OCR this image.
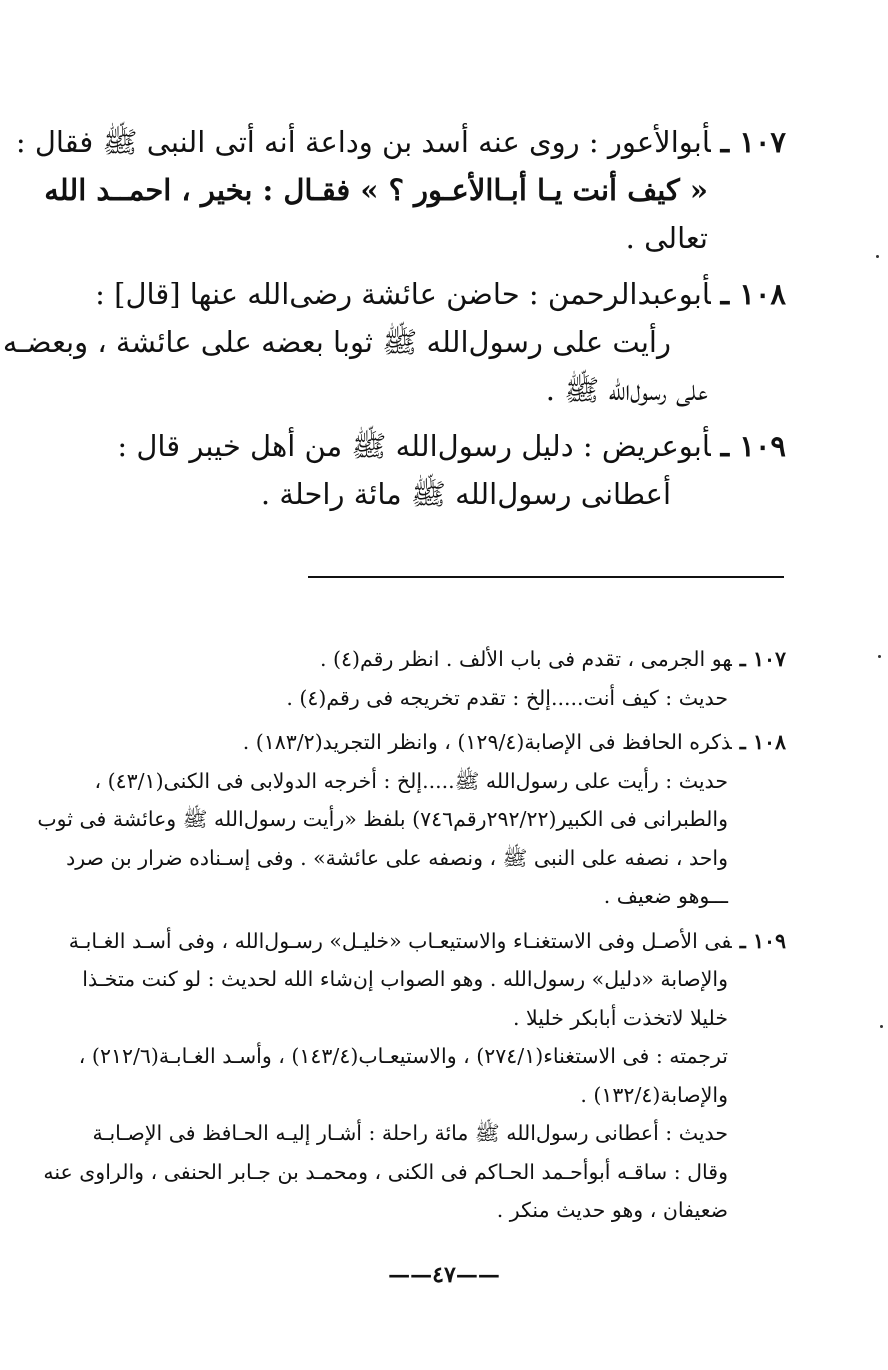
١٠٧ ـأبوالأعور : روى عنه أسد بن وداعة أنه أتى النبى ﷺ فقال :
« كيف أنت يـا أبـاالأعـور ؟ » فقـال : بخير ، احمــد الله
تعالى .
١٠٨ ـأبوعبدالرحمن : حاضن عائشة رضى‌الله عنها [قال] :
رأيت على رسول‌الله ﷺ ثوبا بعضه على عائشة ، وبعضـه
على رسول‌الله ﷺ .
١٠٩ ـأبوعريض : دليل رسول‌الله ﷺ من أهل خيبر قال :
أعطانى رسول‌الله ﷺ مائة راحلة .
١٠٧ ـهو الجرمى ، تقدم فى باب الألف . انظر رقم(٤) .
حديث : كيف أنت.....إلخ : تقدم تخريجه فى رقم(٤) .
١٠٨ ـذكره الحافظ فى الإصابة(١٢٩/٤) ، وانظر التجريد(١٨٣/٢) .
حديث : رأيت على رسول‌الله ﷺ.....إلخ : أخرجه الدولابى فى الكنى(٤٣/١) ،
والطبرانى فى الكبير(٢٩٢/٢٢رقم٧٤٦) بلفظ «رأيت رسول‌الله ﷺ وعائشة فى ثوب
واحد ، نصفه على النبى ﷺ ، ونصفه على عائشة» . وفى إسـناده ضرار بن صرد
ـــوهو ضعيف .
١٠٩ ـفى الأصـل وفى الاستغنـاء والاستيعـاب «خليـل» رسـول‌الله ، وفى أسـد الغـابـة
والإصابة «دليل» رسول‌الله . وهو الصواب إن‌شاء الله لحديث : لو كنت متخـذا
خليلا لاتخذت أبابكر خليلا .
ترجمته : فى الاستغناء(٢٧٤/١) ، والاستيعـاب(١٤٣/٤) ، وأسـد الغـابـة(٢١٢/٦) ،
والإصابة(١٣٢/٤) .
حديث : أعطانى رسول‌الله ﷺ مائة راحلة : أشـار إليـه الحـافظ فى الإصـابـة
وقال : ساقـه أبوأحـمد الحـاكم فى الكنى ، ومحمـد بن جـابر الحنفى ، والراوى عنه
ضعيفان ، وهو حديث منكر .
——٤٧——
